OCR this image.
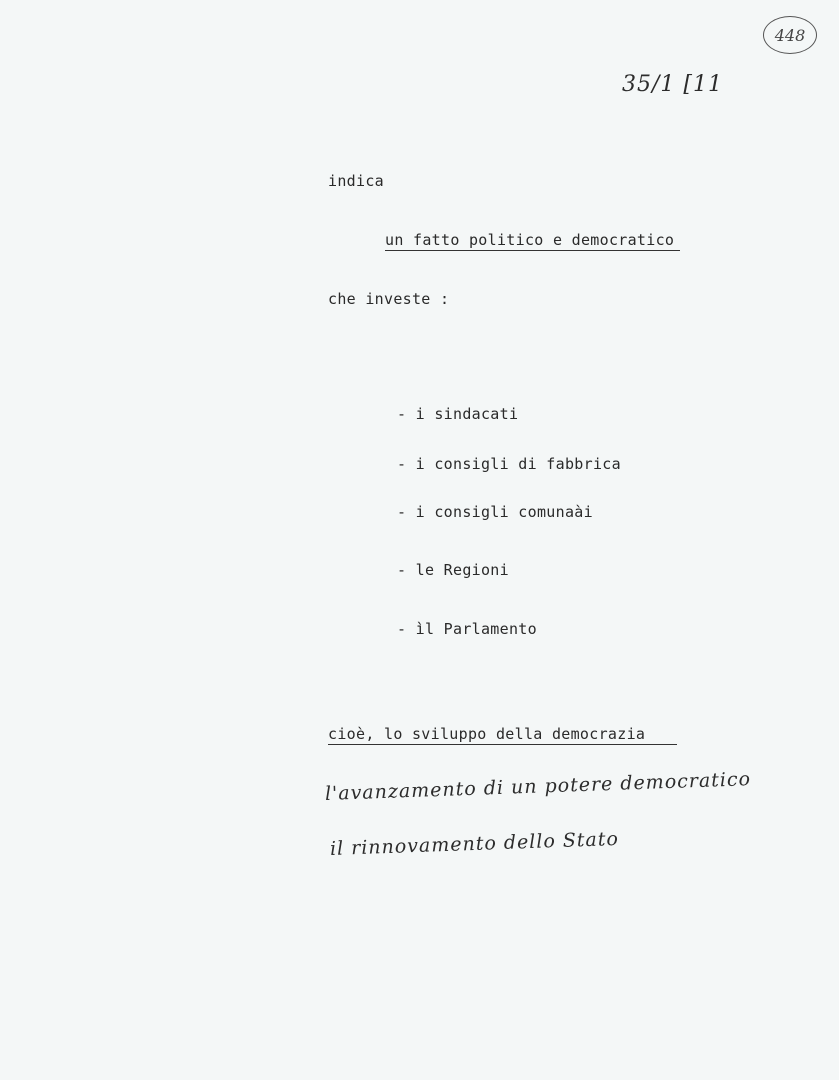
448
35/1 [11
indica
un fatto politico e democratico
che investe :
- i sindacati
- i consigli di fabbrica
- i consigli comunaài
- le Regioni
- ìl Parlamento
cioè, lo sviluppo della democrazia
l'avanzamento di un potere democratico
il rinnovamento dello Stato
